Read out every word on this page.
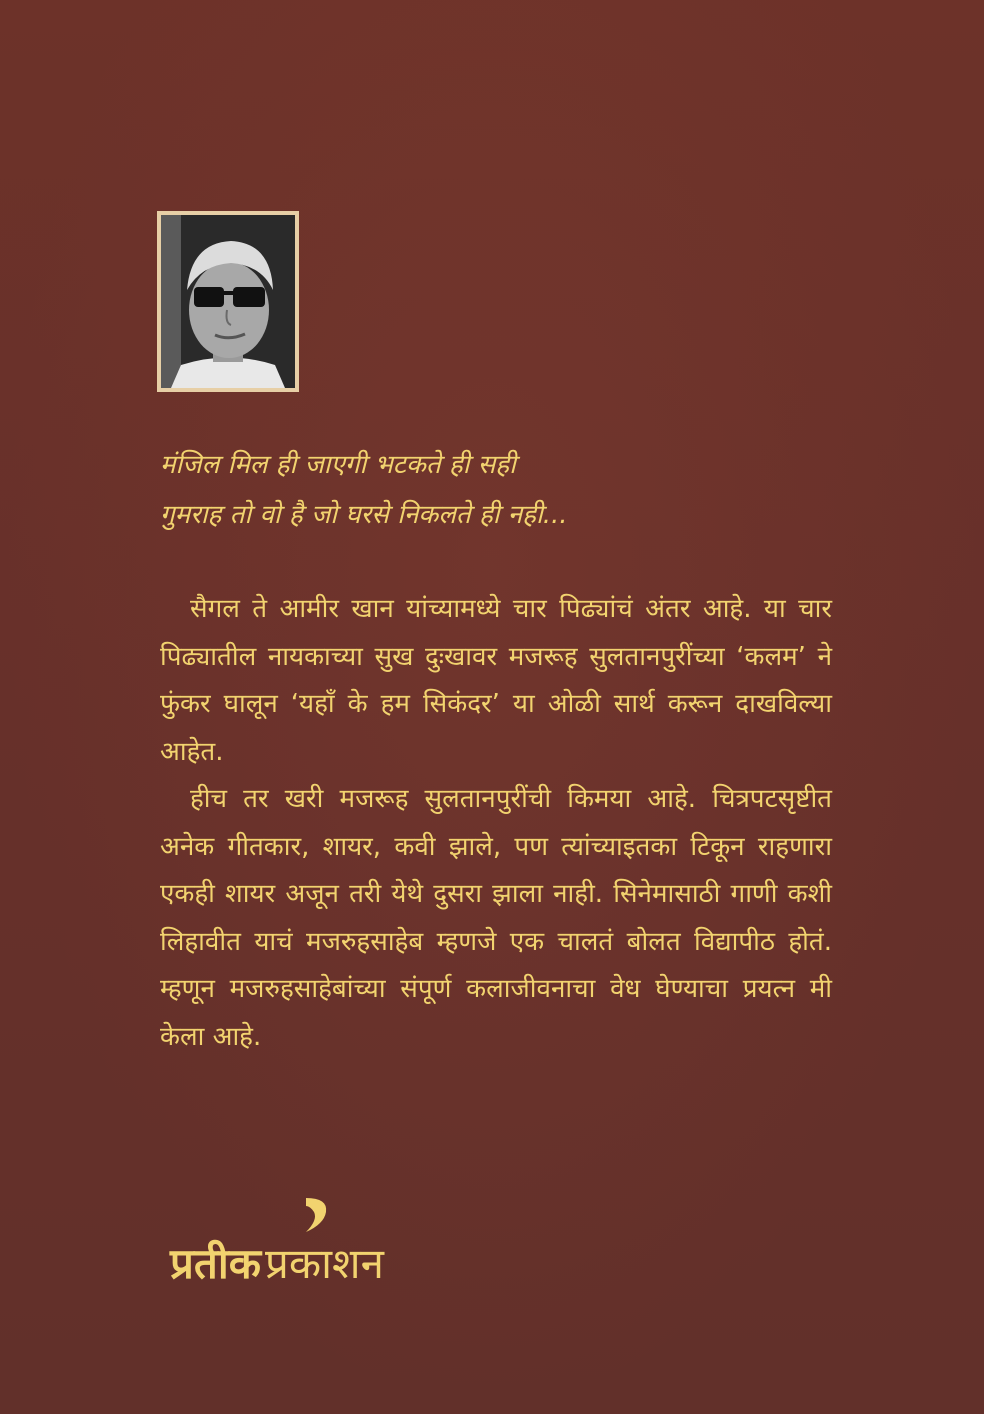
मंजिल मिल ही जाएगी भटकते ही सही
गुमराह तो वो है जो घरसे निकलते ही नही...

सैगल ते आमीर खान यांच्यामध्ये चार पिढ्यांचं अंतर आहे. या चार पिढ्यातील नायकाच्या सुख दुःखावर मजरूह सुलतानपुरींच्या ‘कलम’ ने फुंकर घालून ‘यहाँ के हम सिकंदर’ या ओळी सार्थ करून दाखविल्या आहेत.

हीच तर खरी मजरूह सुलतानपुरींची किमया आहे. चित्रपटसृष्टीत अनेक गीतकार, शायर, कवी झाले, पण त्यांच्याइतका टिकून राहणारा एकही शायर अजून तरी येथे दुसरा झाला नाही. सिनेमासाठी गाणी कशी लिहावीत याचं मजरुहसाहेब म्हणजे एक चालतं बोलत विद्यापीठ होतं. म्हणून मजरुहसाहेबांच्या संपूर्ण कलाजीवनाचा वेध घेण्याचा प्रयत्न मी केला आहे.

प्रतीकप्रकाशन
